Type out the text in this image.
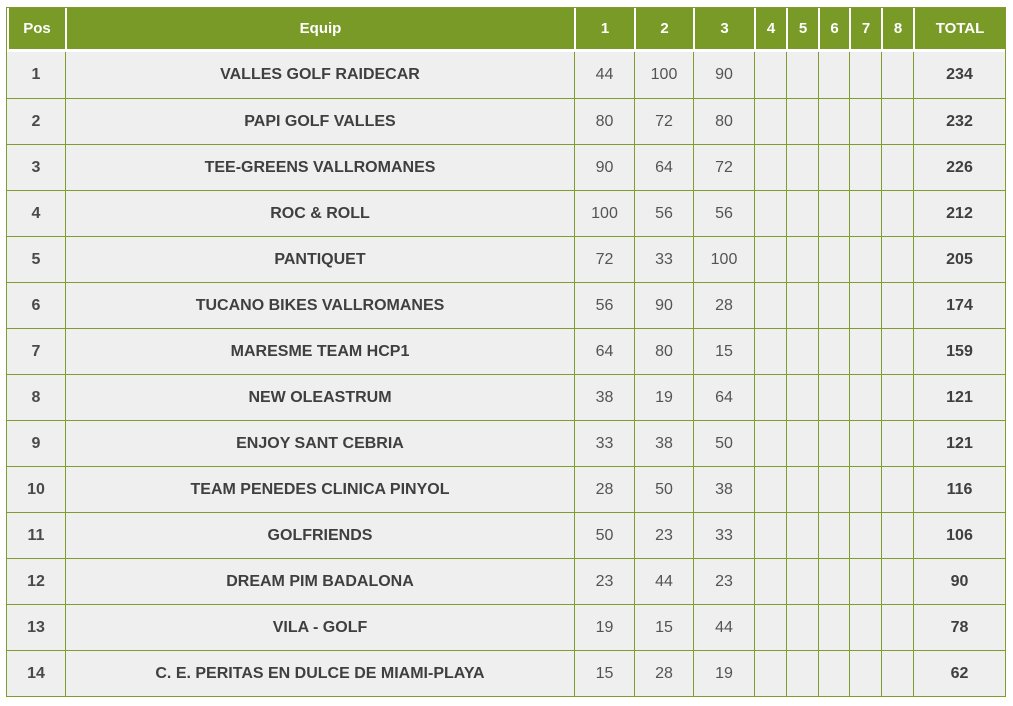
Pos	Equip	1	2	3	4	5	6	7	8	TOTAL
1	VALLES GOLF RAIDECAR	44	100	90						234
2	PAPI GOLF VALLES	80	72	80						232
3	TEE-GREENS VALLROMANES	90	64	72						226
4	ROC & ROLL	100	56	56						212
5	PANTIQUET	72	33	100						205
6	TUCANO BIKES VALLROMANES	56	90	28						174
7	MARESME TEAM HCP1	64	80	15						159
8	NEW OLEASTRUM	38	19	64						121
9	ENJOY SANT CEBRIA	33	38	50						121
10	TEAM PENEDES CLINICA PINYOL	28	50	38						116
11	GOLFRIENDS	50	23	33						106
12	DREAM PIM BADALONA	23	44	23						90
13	VILA - GOLF	19	15	44						78
14	C. E. PERITAS EN DULCE DE MIAMI-PLAYA	15	28	19						62
